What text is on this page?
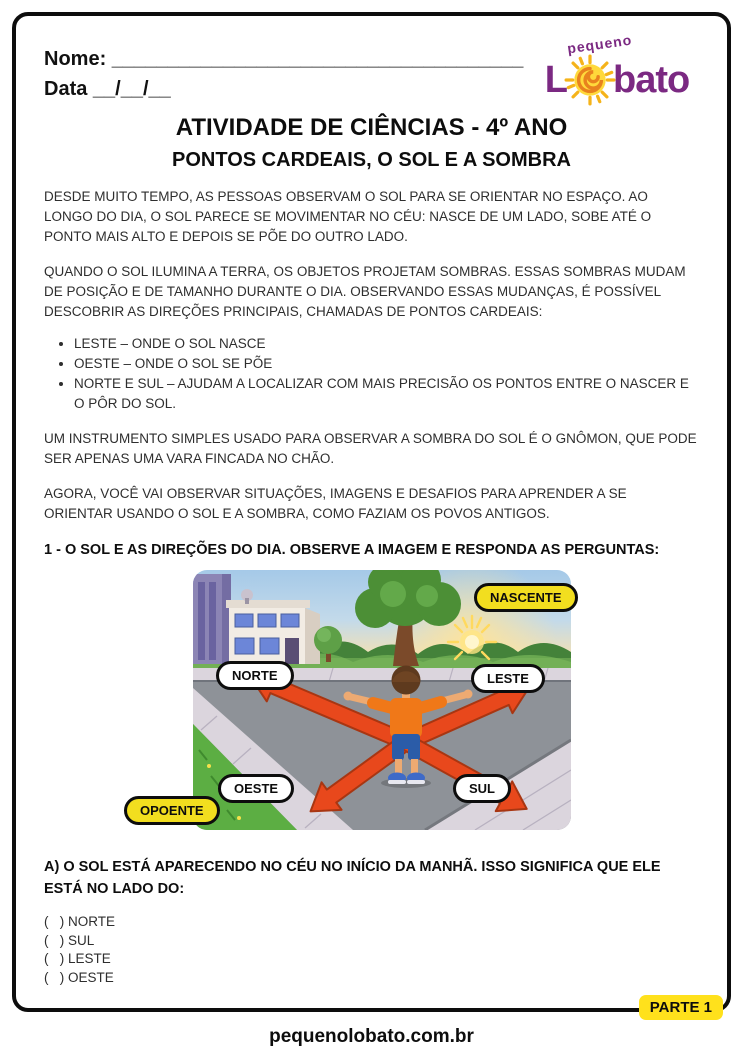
Nome: _____________________________________
Data __/__/__
pequeno
L bato
ATIVIDADE DE CIÊNCIAS - 4º ANO
PONTOS CARDEAIS, O SOL E A SOMBRA

DESDE MUITO TEMPO, AS PESSOAS OBSERVAM O SOL PARA SE ORIENTAR NO ESPAÇO. AO LONGO DO DIA, O SOL PARECE SE MOVIMENTAR NO CÉU: NASCE DE UM LADO, SOBE ATÉ O PONTO MAIS ALTO E DEPOIS SE PÕE DO OUTRO LADO.

QUANDO O SOL ILUMINA A TERRA, OS OBJETOS PROJETAM SOMBRAS. ESSAS SOMBRAS MUDAM DE POSIÇÃO E DE TAMANHO DURANTE O DIA. OBSERVANDO ESSAS MUDANÇAS, É POSSÍVEL DESCOBRIR AS DIREÇÕES PRINCIPAIS, CHAMADAS DE PONTOS CARDEAIS:

• LESTE – ONDE O SOL NASCE
• OESTE – ONDE O SOL SE PÕE
• NORTE E SUL – AJUDAM A LOCALIZAR COM MAIS PRECISÃO OS PONTOS ENTRE O NASCER E O PÔR DO SOL.

UM INSTRUMENTO SIMPLES USADO PARA OBSERVAR A SOMBRA DO SOL É O GNÔMON, QUE PODE SER APENAS UMA VARA FINCADA NO CHÃO.

AGORA, VOCÊ VAI OBSERVAR SITUAÇÕES, IMAGENS E DESAFIOS PARA APRENDER A SE ORIENTAR USANDO O SOL E A SOMBRA, COMO FAZIAM OS POVOS ANTIGOS.

1 - O SOL E AS DIREÇÕES DO DIA. OBSERVE A IMAGEM E RESPONDA AS PERGUNTAS:
NASCENTE
NORTE	LESTE
OESTE	SUL
OPOENTE
A) O SOL ESTÁ APARECENDO NO CÉU NO INÍCIO DA MANHÃ. ISSO SIGNIFICA QUE ELE ESTÁ NO LADO DO:
(   ) NORTE
(   ) SUL
(   ) LESTE
(   ) OESTE
PARTE 1
pequenolobato.com.br
